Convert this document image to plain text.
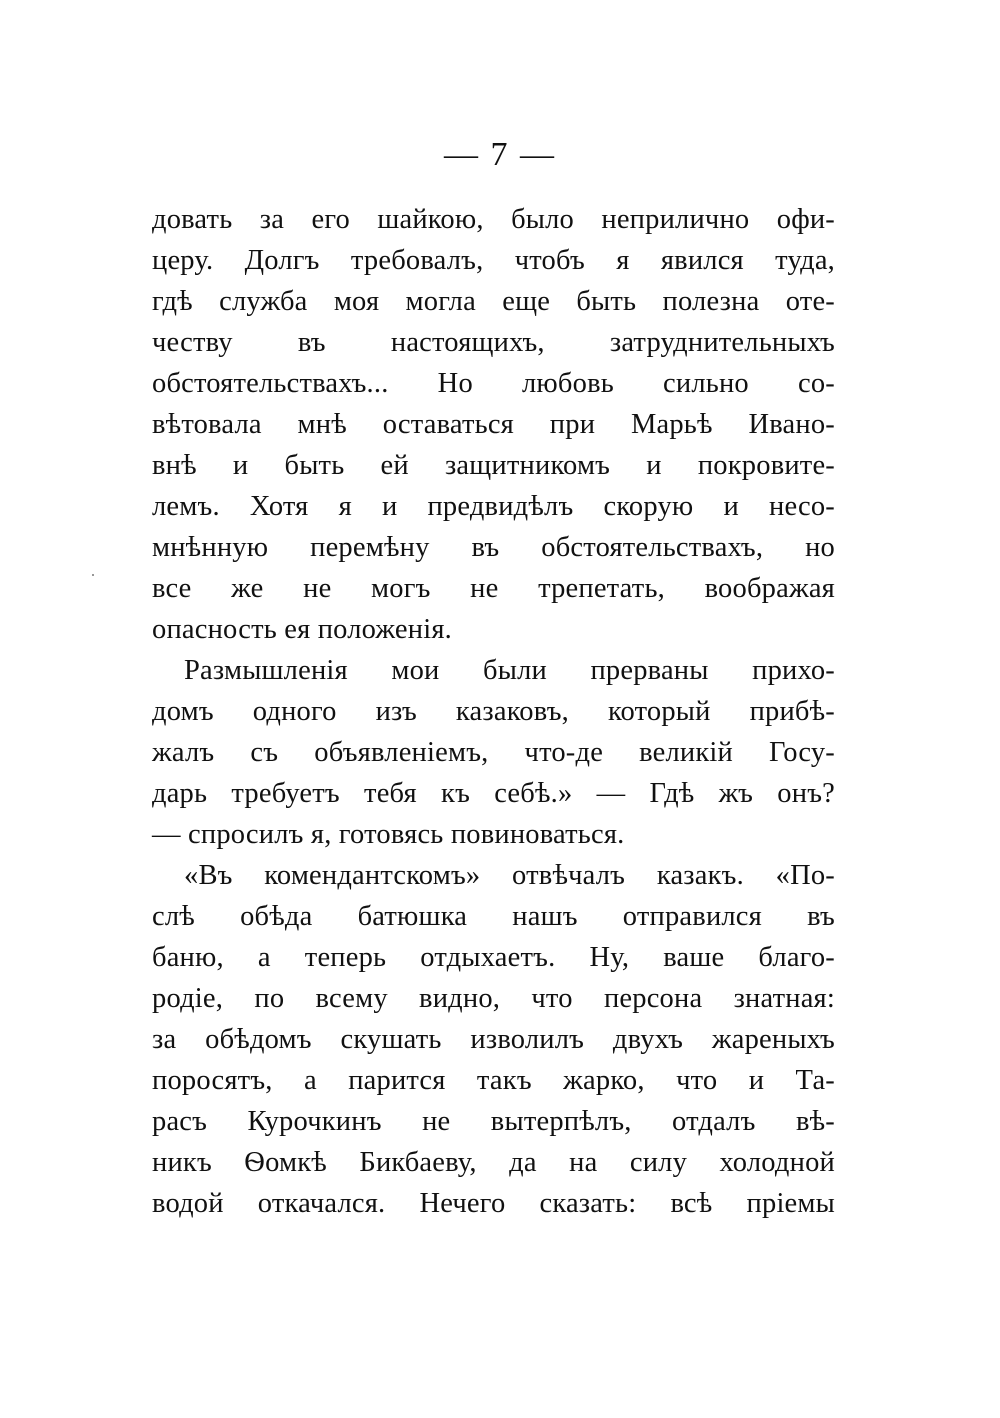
— 7 —
довать за его шайкою, было неприлично офи-
церу. Долгъ требовалъ, чтобъ я явился туда,
гдѣ служба моя могла еще быть полезна оте-
честву въ настоящихъ, затруднительныхъ
обстоятельствахъ... Но любовь сильно со-
вѣтовала мнѣ оставаться при Марьѣ Ивано-
внѣ и быть ей защитникомъ и покровите-
лемъ. Хотя я и предвидѣлъ скорую и несо-
мнѣнную перемѣну въ обстоятельствахъ, но
все же не могъ не трепетать, воображая
опасность ея положенія.
Размышленія мои были прерваны прихо-
домъ одного изъ казаковъ, который прибѣ-
жалъ съ объявленіемъ, что-де великій Госу-
дарь требуетъ тебя къ себѣ.» — Гдѣ жъ онъ?
— спросилъ я, готовясь повиноваться.
«Въ комендантскомъ» отвѣчалъ казакъ. «По-
слѣ обѣда батюшка нашъ отправился въ
баню, а теперь отдыхаетъ. Ну, ваше благо-
родіе, по всему видно, что персона знатная:
за обѣдомъ скушать изволилъ двухъ жареныхъ
поросятъ, а парится такъ жарко, что и Та-
расъ Курочкинъ не вытерпѣлъ, отдалъ вѣ-
никъ Ѳомкѣ Бикбаеву, да на силу холодной
водой откачался. Нечего сказать: всѣ пріемы
